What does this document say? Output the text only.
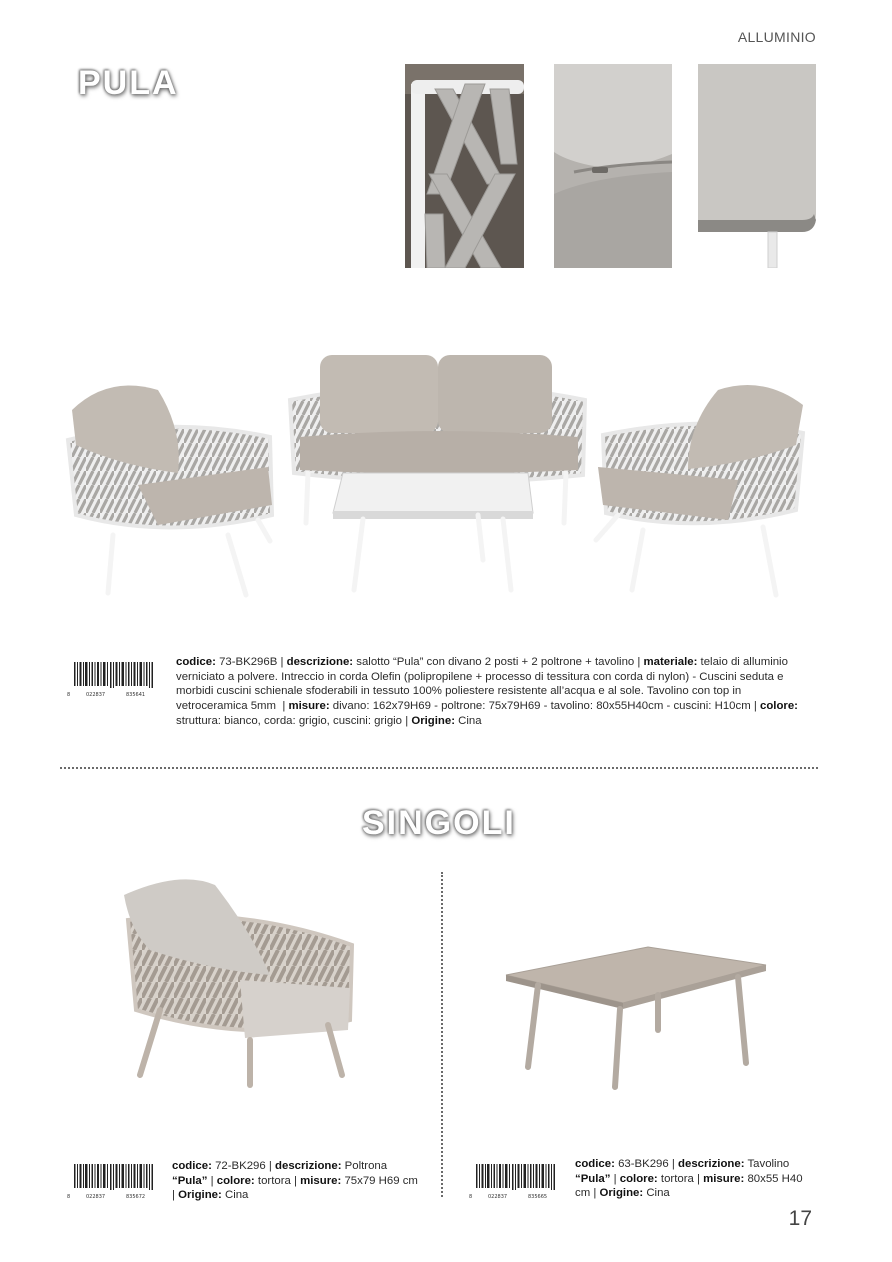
ALLUMINIO
PULA
8	022837	835641
codice: 73-BK296B | descrizione: salotto “Pula” con divano 2 posti + 2 poltrone + tavolino | materiale: telaio di alluminio verniciato a polvere. Intreccio in corda Olefin (polipropilene + processo di tessitura con corda di nylon) - Cuscini seduta e morbidi cuscini schienale sfoderabili in tessuto 100% poliestere resistente all’acqua e al sole. Tavolino con top in vetroceramica 5mm  | misure: divano: 162x79H69 - poltrone: 75x79H69 - tavolino: 80x55H40cm - cuscini: H10cm | colore: struttura: bianco, corda: grigio, cuscini: grigio | Origine: Cina
SINGOLI
8	022837	835672
codice: 72-BK296 | descrizione: Poltrona “Pula” | colore: tortora | misure: 75x79 H69 cm | Origine: Cina	8	022837	835665
codice: 63-BK296 | descrizione: Tavolino “Pula” | colore: tortora | misure: 80x55 H40 cm | Origine: Cina
17
